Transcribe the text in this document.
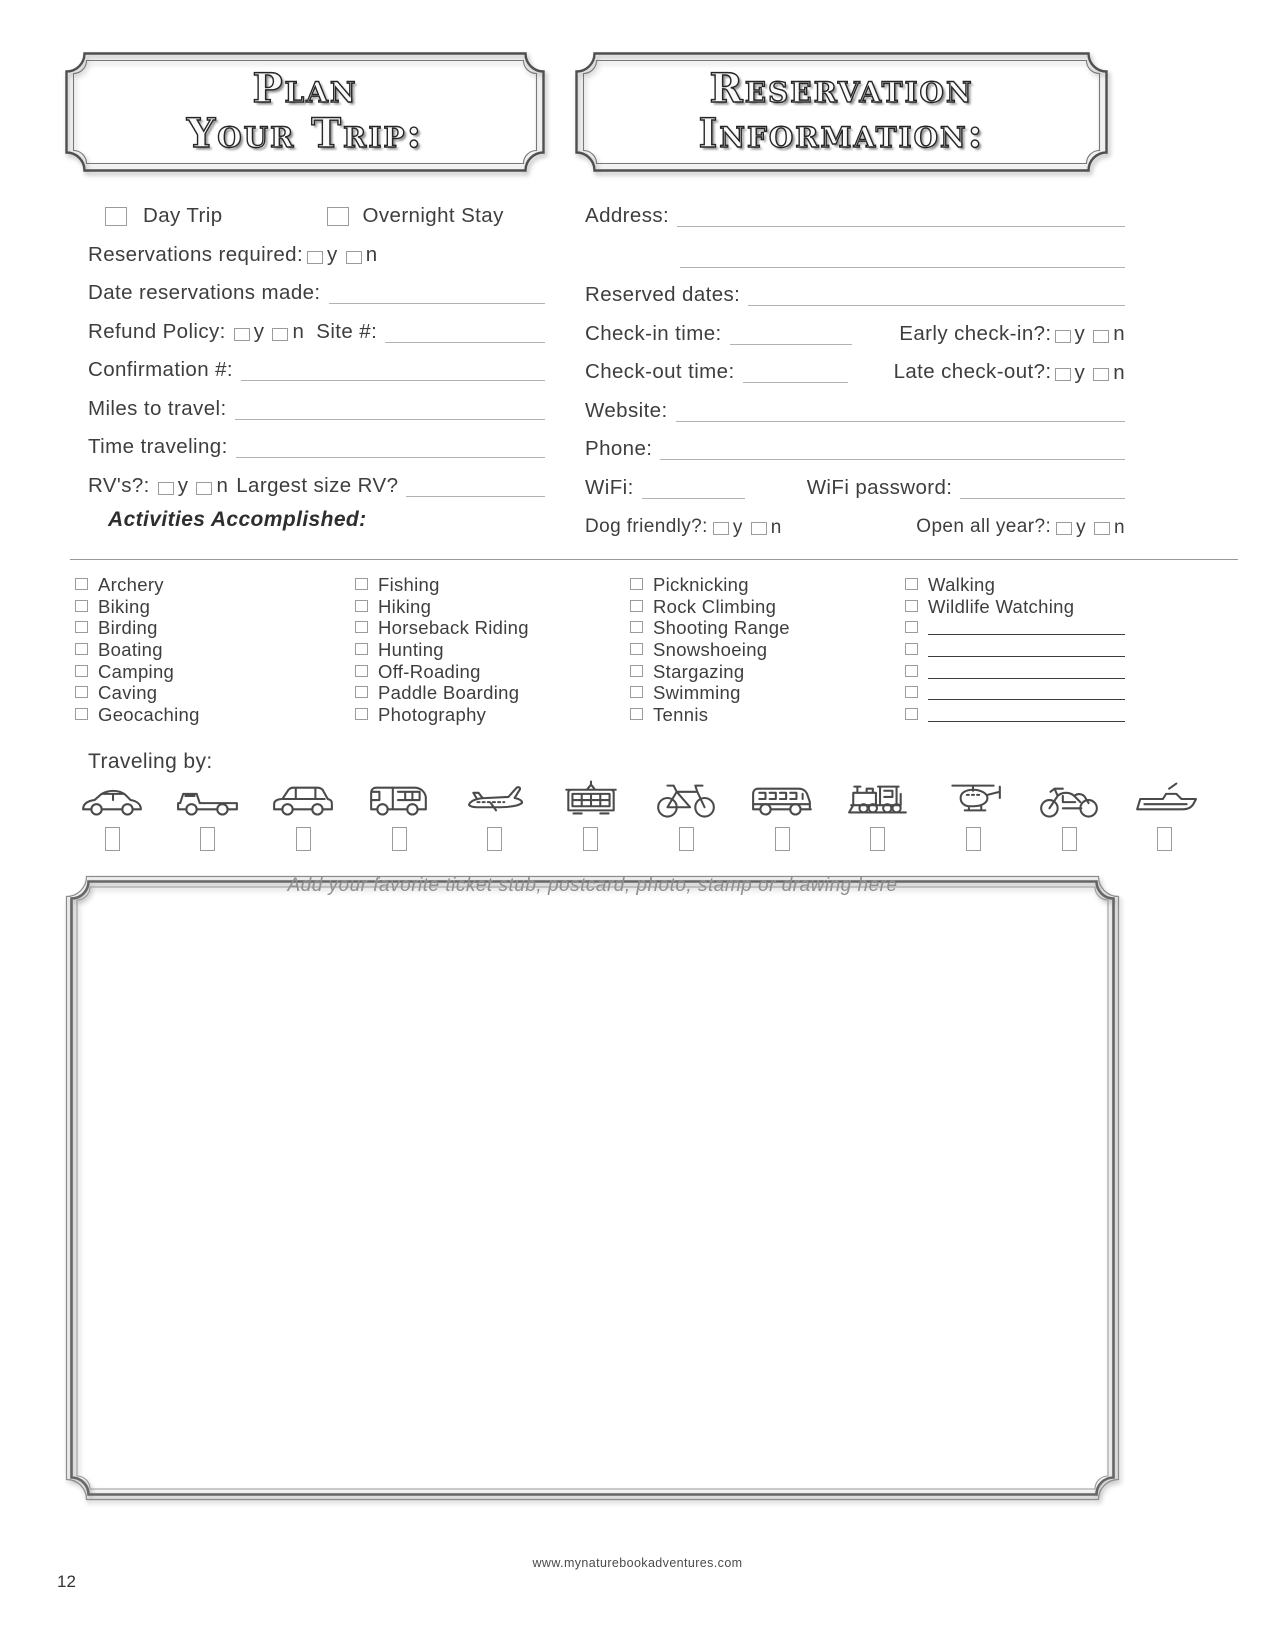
Plan
Your Trip:
Reservation
Information:
Day Trip	Overnight Stay
Reservations required: y n
Date reservations made:
Refund Policy: y n Site #:
Confirmation #:
Miles to travel:
Time traveling:
RV's?: y n Largest size RV?
Activities Accomplished:
Address:
Reserved dates:
Check-in time:	Early check-in?: y n
Check-out time:	Late check-out?: y n
Website:
Phone:
WiFi:	WiFi password:
Dog friendly?: y n	Open all year?: y n
Archery
Biking
Birding
Boating
Camping
Caving
Geocaching
Fishing
Hiking
Horseback Riding
Hunting
Off-Roading
Paddle Boarding
Photography
Picknicking
Rock Climbing
Shooting Range
Snowshoeing
Stargazing
Swimming
Tennis
Walking
Wildlife Watching
Traveling by:
Add your favorite ticket stub, postcard, photo, stamp or drawing here
www.mynaturebookadventures.com
12
